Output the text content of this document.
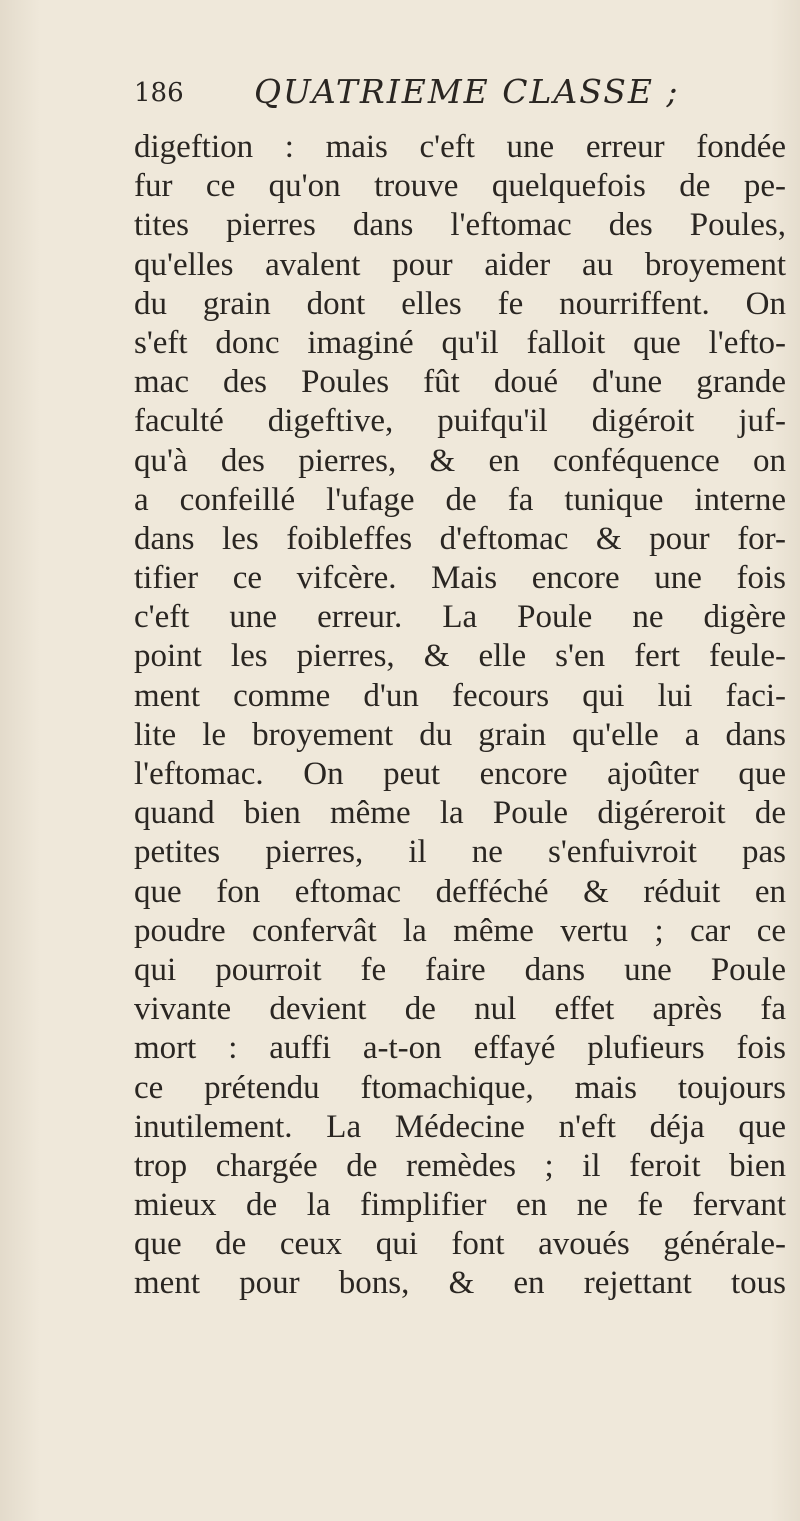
186 QUATRIEME CLASSE ;
digeftion : mais c'eft une erreur fondée
fur ce qu'on trouve quelquefois de pe-
tites pierres dans l'eftomac des Poules,
qu'elles avalent pour aider au broyement
du grain dont elles fe nourriffent. On
s'eft donc imaginé qu'il falloit que l'efto-
mac des Poules fût doué d'une grande
faculté digeftive, puifqu'il digéroit juf-
qu'à des pierres, & en conféquence on
a confeillé l'ufage de fa tunique interne
dans les foibleffes d'eftomac & pour for-
tifier ce vifcère. Mais encore une fois
c'eft une erreur. La Poule ne digère
point les pierres, & elle s'en fert feule-
ment comme d'un fecours qui lui faci-
lite le broyement du grain qu'elle a dans
l'eftomac. On peut encore ajoûter que
quand bien même la Poule digéreroit de
petites pierres, il ne s'enfuivroit pas
que fon eftomac defféché & réduit en
poudre confervât la même vertu ; car ce
qui pourroit fe faire dans une Poule
vivante devient de nul effet après fa
mort : auffi a-t-on effayé plufieurs fois
ce prétendu ftomachique, mais toujours
inutilement. La Médecine n'eft déja que
trop chargée de remèdes ; il feroit bien
mieux de la fimplifier en ne fe fervant
que de ceux qui font avoués générale-
ment pour bons, & en rejettant tous
